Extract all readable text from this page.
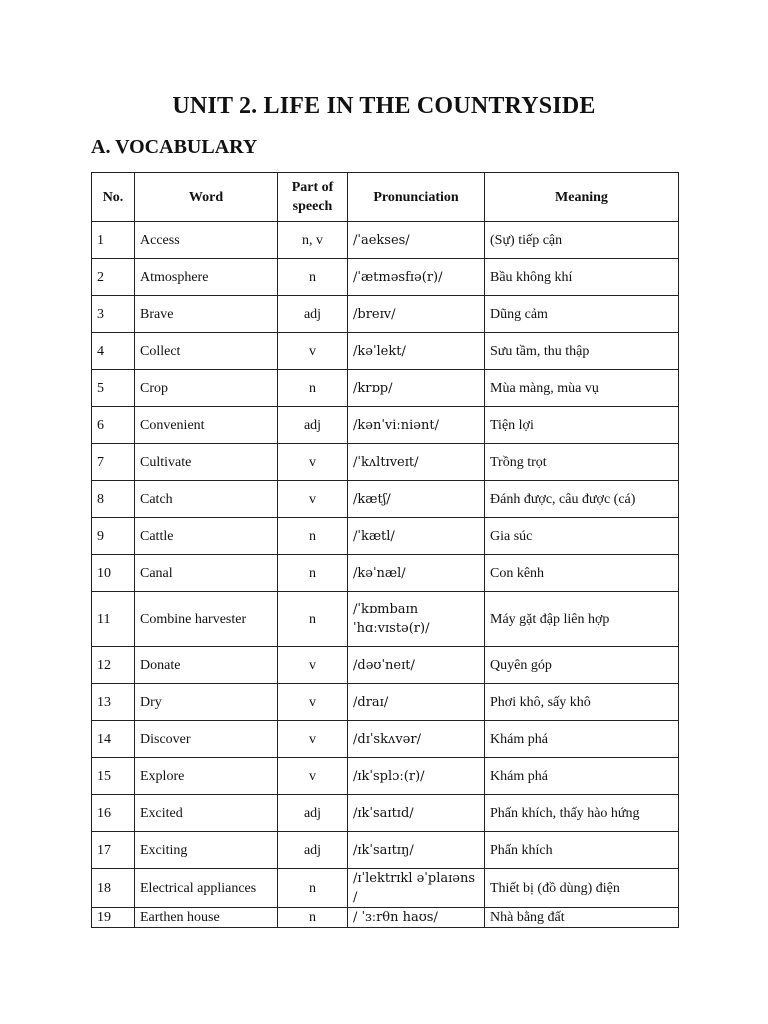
UNIT 2. LIFE IN THE COUNTRYSIDE
A. VOCABULARY
No.	Word	Part of speech	Pronunciation	Meaning
1	Access	n, v	/ˈaekses/	(Sự) tiếp cận
2	Atmosphere	n	/ˈætməsfɪə(r)/	Bầu không khí
3	Brave	adj	/breɪv/	Dũng cảm
4	Collect	v	/kəˈlekt/	Sưu tầm, thu thập
5	Crop	n	/krɒp/	Mùa màng, mùa vụ
6	Convenient	adj	/kənˈviːniənt/	Tiện lợi
7	Cultivate	v	/ˈkʌltɪveɪt/	Trồng trọt
8	Catch	v	/kætʃ/	Đánh được, câu được (cá)
9	Cattle	n	/ˈkætl/	Gia súc
10	Canal	n	/kəˈnæl/	Con kênh
11	Combine harvester	n	/ˈkɒmbaɪn ˈhɑːvɪstə(r)/	Máy gặt đập liên hợp
12	Donate	v	/dəʊˈneɪt/	Quyên góp
13	Dry	v	/draɪ/	Phơi khô, sấy khô
14	Discover	v	/dɪˈskʌvər/	Khám phá
15	Explore	v	/ɪkˈsplɔː(r)/	Khám phá
16	Excited	adj	/ɪkˈsaɪtɪd/	Phấn khích, thấy hào hứng
17	Exciting	adj	/ɪkˈsaɪtɪŋ/	Phấn khích
18	Electrical appliances	n	/ɪˈlektrɪkl əˈplaɪəns /	Thiết bị (đồ dùng) điện
19	Earthen house	n	/ ˈɜːrθn haʊs/	Nhà bằng đất
